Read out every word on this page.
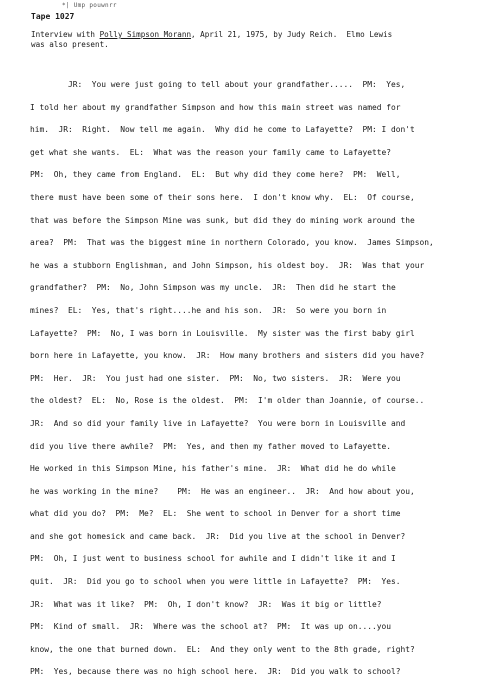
*| Ump pouwnrr
Tape 1027
Interview with Polly Simpson Morann, April 21, 1975, by Judy Reich.  Elmo Lewis
was also present.
JR:  You were just going to tell about your grandfather.....  PM:  Yes,
I told her about my grandfather Simpson and how this main street was named for
him.  JR:  Right.  Now tell me again.  Why did he come to Lafayette?  PM: I don't
get what she wants.  EL:  What was the reason your family came to Lafayette?
PM:  Oh, they came from England.  EL:  But why did they come here?  PM:  Well,
there must have been some of their sons here.  I don't know why.  EL:  Of course,
that was before the Simpson Mine was sunk, but did they do mining work around the
area?  PM:  That was the biggest mine in northern Colorado, you know.  James Simpson,
he was a stubborn Englishman, and John Simpson, his oldest boy.  JR:  Was that your
grandfather?  PM:  No, John Simpson was my uncle.  JR:  Then did he start the
mines?  EL:  Yes, that's right....he and his son.  JR:  So were you born in
Lafayette?  PM:  No, I was born in Louisville.  My sister was the first baby girl
born here in Lafayette, you know.  JR:  How many brothers and sisters did you have?
PM:  Her.  JR:  You just had one sister.  PM:  No, two sisters.  JR:  Were you
the oldest?  EL:  No, Rose is the oldest.  PM:  I'm older than Joannie, of course..
JR:  And so did your family live in Lafayette?  You were born in Louisville and
did you live there awhile?  PM:  Yes, and then my father moved to Lafayette.
He worked in this Simpson Mine, his father's mine.  JR:  What did he do while
he was working in the mine?    PM:  He was an engineer..  JR:  And how about you,
what did you do?  PM:  Me?  EL:  She went to school in Denver for a short time
and she got homesick and came back.  JR:  Did you live at the school in Denver?
PM:  Oh, I just went to business school for awhile and I didn't like it and I
quit.  JR:  Did you go to school when you were little in Lafayette?  PM:  Yes.
JR:  What was it like?  PM:  Oh, I don't know?  JR:  Was it big or little?
PM:  Kind of small.  JR:  Where was the school at?  PM:  It was up on....you
know, the one that burned down.  EL:  And they only went to the 8th grade, right?
PM:  Yes, because there was no high school here.  JR:  Did you walk to school?
